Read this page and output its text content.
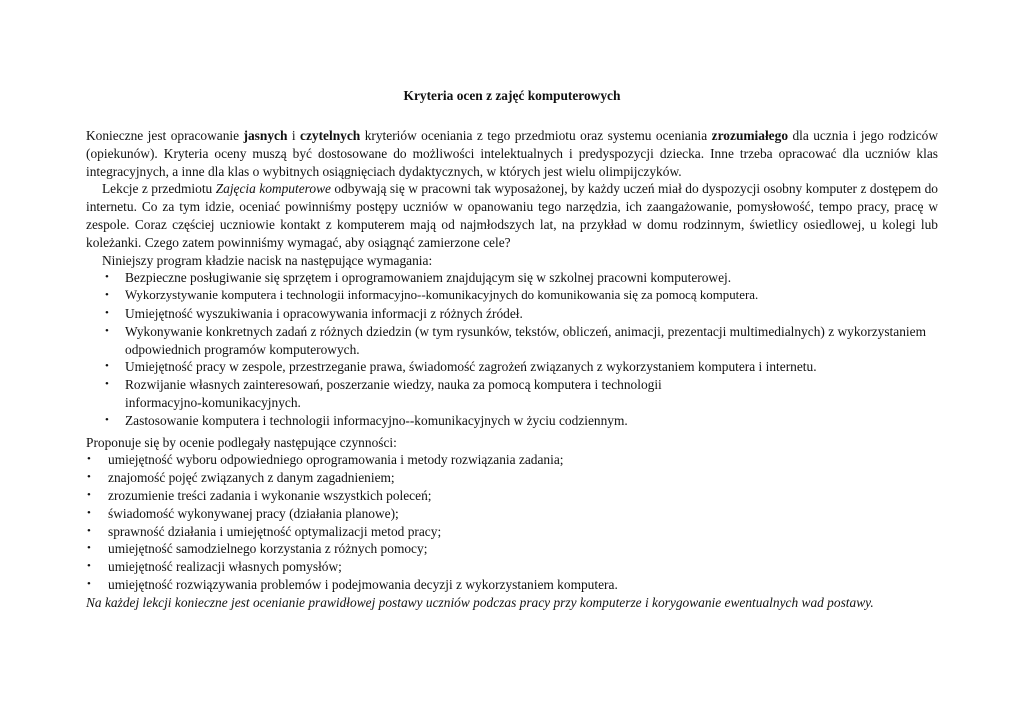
Kryteria ocen z zajęć komputerowych

Konieczne jest opracowanie jasnych i czytelnych kryteriów oceniania z tego przedmiotu oraz systemu oceniania zrozumiałego dla ucznia i jego rodziców (opiekunów). Kryteria oceny muszą być dostosowane do możliwości intelektualnych i predyspozycji dziecka. Inne trzeba opracować dla uczniów klas integracyjnych, a inne dla klas o wybitnych osiągnięciach dydaktycznych, w których jest wielu olimpijczyków.

Lekcje z przedmiotu Zajęcia komputerowe odbywają się w pracowni tak wyposażonej, by każdy uczeń miał do dyspozycji osobny komputer z dostępem do internetu. Co za tym idzie, oceniać powinniśmy postępy uczniów w opanowaniu tego narzędzia, ich zaangażowanie, pomysłowość, tempo pracy, pracę w zespole. Coraz częściej uczniowie kontakt z komputerem mają od najmłodszych lat, na przykład w domu rodzinnym, świetlicy osiedlowej, u kolegi lub koleżanki. Czego zatem powinniśmy wymagać, aby osiągnąć zamierzone cele?

Niniejszy program kładzie nacisk na następujące wymagania:

• Bezpieczne posługiwanie się sprzętem i oprogramowaniem znajdującym się w szkolnej pracowni komputerowej.
• Wykorzystywanie komputera i technologii informacyjno--komunikacyjnych do komunikowania się za pomocą komputera.
• Umiejętność wyszukiwania i opracowywania informacji z różnych źródeł.
• Wykonywanie konkretnych zadań z różnych dziedzin (w tym rysunków, tekstów, obliczeń, animacji, prezentacji multimedialnych) z wykorzystaniem odpowiednich programów komputerowych.
• Umiejętność pracy w zespole, przestrzeganie prawa, świadomość zagrożeń związanych z wykorzystaniem komputera i internetu.
• Rozwijanie własnych zainteresowań, poszerzanie wiedzy, nauka za pomocą komputera i technologii informacyjno-komunikacyjnych.
• Zastosowanie komputera i technologii informacyjno--komunikacyjnych w życiu codziennym.

Proponuje się by ocenie podlegały następujące czynności:

• umiejętność wyboru odpowiedniego oprogramowania i metody rozwiązania zadania;
• znajomość pojęć związanych z danym zagadnieniem;
• zrozumienie treści zadania i wykonanie wszystkich poleceń;
• świadomość wykonywanej pracy (działania planowe);
• sprawność działania i umiejętność optymalizacji metod pracy;
• umiejętność samodzielnego korzystania z różnych pomocy;
• umiejętność realizacji własnych pomysłów;
• umiejętność rozwiązywania problemów i podejmowania decyzji z wykorzystaniem komputera.

Na każdej lekcji konieczne jest ocenianie prawidłowej postawy uczniów podczas pracy przy komputerze i korygowanie ewentualnych wad postawy.
